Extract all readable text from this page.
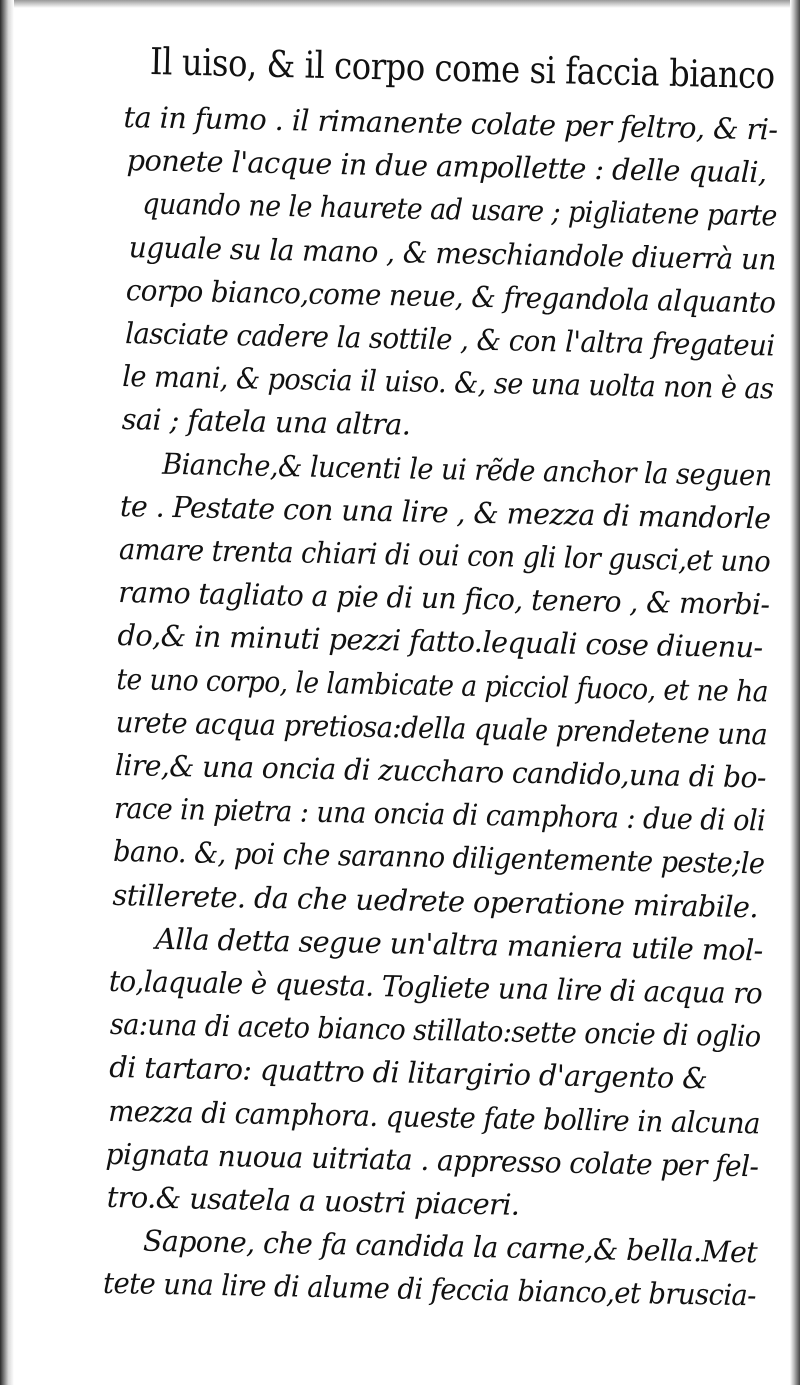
Il uiso, & il corpo come si faccia bianco
ta in fumo . il rimanente colate per feltro, & ri-
ponete l'acque in due ampollette : delle quali,
quando ne le haurete ad usare ; pigliatene parte
uguale su la mano , & meschiandole diuerrà un
corpo bianco,come neue, & fregandola alquanto
lasciate cadere la sottile , & con l'altra fregateui
le mani, & poscia il uiso. &, se una uolta non è as
sai ; fatela una altra.
Bianche,& lucenti le ui rẽde anchor la seguen
te . Pestate con una lire , & mezza di mandorle
amare trenta chiari di oui con gli lor gusci,et uno
ramo tagliato a pie di un fico, tenero , & morbi-
do,& in minuti pezzi fatto.lequali cose diuenu-
te uno corpo, le lambicate a picciol fuoco, et ne ha
urete acqua pretiosa:della quale prendetene una
lire,& una oncia di zuccharo candido,una di bo-
race in pietra : una oncia di camphora : due di oli
bano. &, poi che saranno diligentemente peste;le
stillerete. da che uedrete operatione mirabile.
Alla detta segue un'altra maniera utile mol-
to,laquale è questa. Togliete una lire di acqua ro
sa:una di aceto bianco stillato:sette oncie di oglio
di tartaro: quattro di litargirio d'argento &
mezza di camphora. queste fate bollire in alcuna
pignata nuoua uitriata . appresso colate per fel-
tro.& usatela a uostri piaceri.
Sapone, che fa candida la carne,& bella.Met
tete una lire di alume di feccia bianco,et bruscia-
